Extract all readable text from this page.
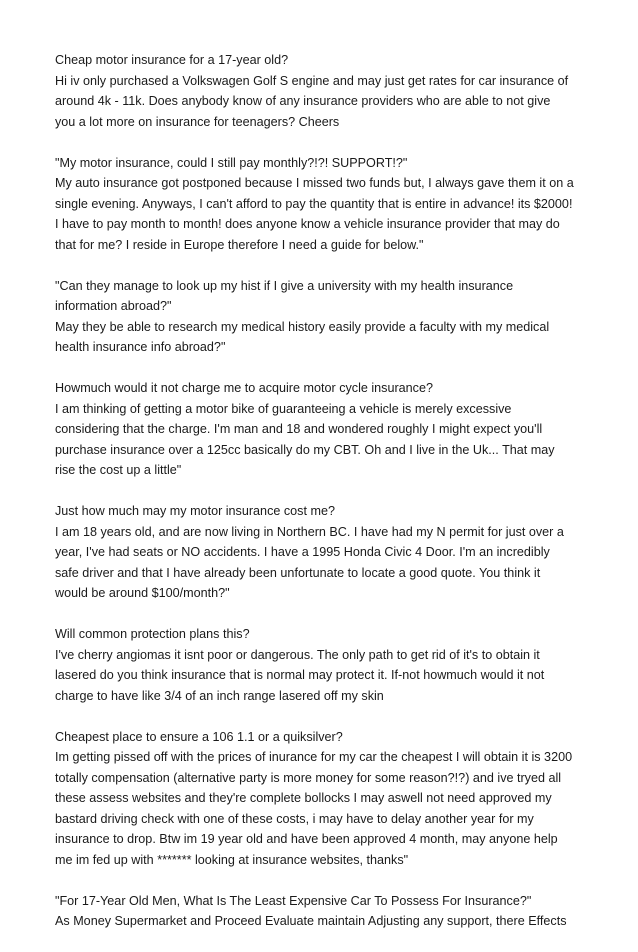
Cheap motor insurance for a 17-year old?

Hi iv only purchased a Volkswagen Golf S engine and may just get rates for car insurance of
around 4k - 11k. Does anybody know of any insurance providers who are able to not give
you a lot more on insurance for teenagers? Cheers

"My motor insurance, could I still pay monthly?!?! SUPPORT!?"

My auto insurance got postponed because I missed two funds but, I always gave them it on a
single evening. Anyways, I can't afford to pay the quantity that is entire in advance! its $2000!
I have to pay month to month! does anyone know a vehicle insurance provider that may do
that for me? I reside in Europe therefore I need a guide for below."

"Can they manage to look up my hist if I give a university with my health insurance
information abroad?"

May they be able to research my medical history easily provide a faculty with my medical
health insurance info abroad?"

Howmuch would it not charge me to acquire motor cycle insurance?

I am thinking of getting a motor bike of guaranteeing a vehicle is merely excessive
considering that the charge. I'm man and 18 and wondered roughly I might expect you'll
purchase insurance over a 125cc basically do my CBT. Oh and I live in the Uk... That may
rise the cost up a little"

Just how much may my motor insurance cost me?

I am 18 years old, and are now living in Northern BC. I have had my N permit for just over a
year, I've had seats or NO accidents. I have a 1995 Honda Civic 4 Door. I'm an incredibly
safe driver and that I have already been unfortunate to locate a good quote. You think it
would be around $100/month?"

Will common protection plans this?

I've cherry angiomas it isnt poor or dangerous. The only path to get rid of it's to obtain it
lasered do you think insurance that is normal may protect it. If-not howmuch would it not
charge to have like 3/4 of an inch range lasered off my skin

Cheapest place to ensure a 106 1.1 or a quiksilver?

Im getting pissed off with the prices of inurance for my car the cheapest I will obtain it is 3200
totally compensation (alternative party is more money for some reason?!?) and ive tryed all
these assess websites and they're complete bollocks I may aswell not need approved my
bastard driving check with one of these costs, i may have to delay another year for my
insurance to drop. Btw im 19 year old and have been approved 4 month, may anyone help
me im fed up with ******* looking at insurance websites, thanks"

"For 17-Year Old Men, What Is The Least Expensive Car To Possess For Insurance?"

As Money Supermarket and Proceed Evaluate maintain Adjusting any support, there Effects
